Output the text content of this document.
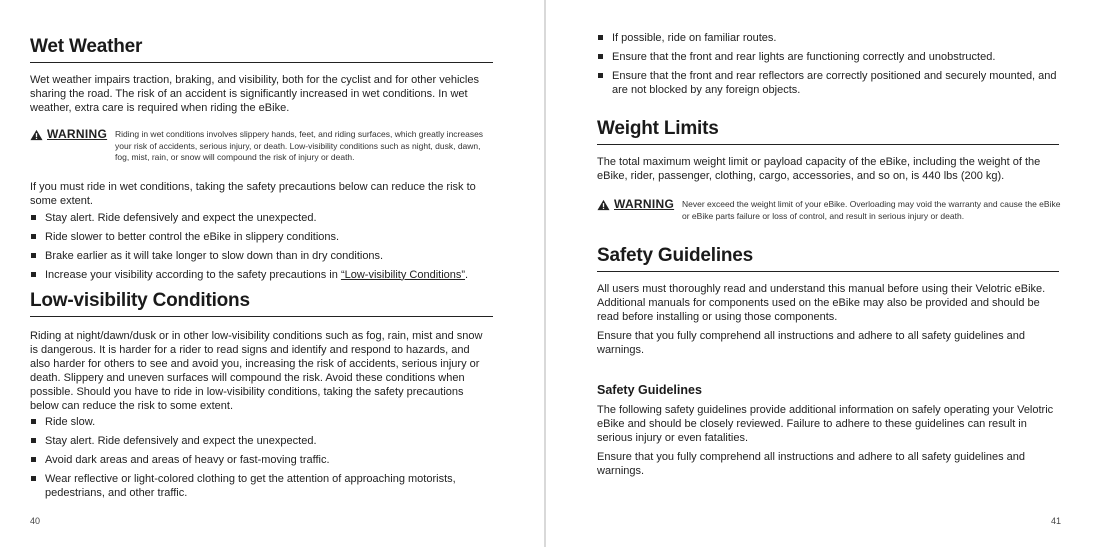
Wet Weather

Wet weather impairs traction, braking, and visibility, both for the cyclist and for other vehicles sharing the road. The risk of an accident is significantly increased in wet conditions. In wet weather, extra care is required when riding the eBike.

WARNING Riding in wet conditions involves slippery hands, feet, and riding surfaces, which greatly increases your risk of accidents, serious injury, or death. Low-visibility conditions such as night, dusk, dawn, fog, mist, rain, or snow will compound the risk of injury or death.

If you must ride in wet conditions, taking the safety precautions below can reduce the risk to some extent.

Stay alert. Ride defensively and expect the unexpected.
Ride slower to better control the eBike in slippery conditions.
Brake earlier as it will take longer to slow down than in dry conditions.
Increase your visibility according to the safety precautions in “Low-visibility Conditions”.
Low-visibility Conditions

Riding at night/dawn/dusk or in other low-visibility conditions such as fog, rain, mist and snow is dangerous. It is harder for a rider to read signs and identify and respond to hazards, and also harder for others to see and avoid you, increasing the risk of accidents, serious injury or death. Slippery and uneven surfaces will compound the risk. Avoid these conditions when possible. Should you have to ride in low-visibility conditions, taking the safety precautions below can reduce the risk to some extent.

Ride slow.
Stay alert. Ride defensively and expect the unexpected.
Avoid dark areas and areas of heavy or fast-moving traffic.
Wear reflective or light-colored clothing to get the attention of approaching motorists, pedestrians, and other traffic.
40
If possible, ride on familiar routes.
Ensure that the front and rear lights are functioning correctly and unobstructed.
Ensure that the front and rear reflectors are correctly positioned and securely mounted, and are not blocked by any foreign objects.
Weight Limits

The total maximum weight limit or payload capacity of the eBike, including the weight of the eBike, rider, passenger, clothing, cargo, accessories, and so on, is 440 lbs (200 kg).

WARNING Never exceed the weight limit of your eBike. Overloading may void the warranty and cause the eBike or eBike parts failure or loss of control, and result in serious injury or death.
Safety Guidelines

All users must thoroughly read and understand this manual before using their Velotric eBike. Additional manuals for components used on the eBike may also be provided and should be read before installing or using those components.

Ensure that you fully comprehend all instructions and adhere to all safety guidelines and warnings.

Safety Guidelines

The following safety guidelines provide additional information on safely operating your Velotric eBike and should be closely reviewed. Failure to adhere to these guidelines can result in serious injury or even fatalities.

Ensure that you fully comprehend all instructions and adhere to all safety guidelines and warnings.

41
